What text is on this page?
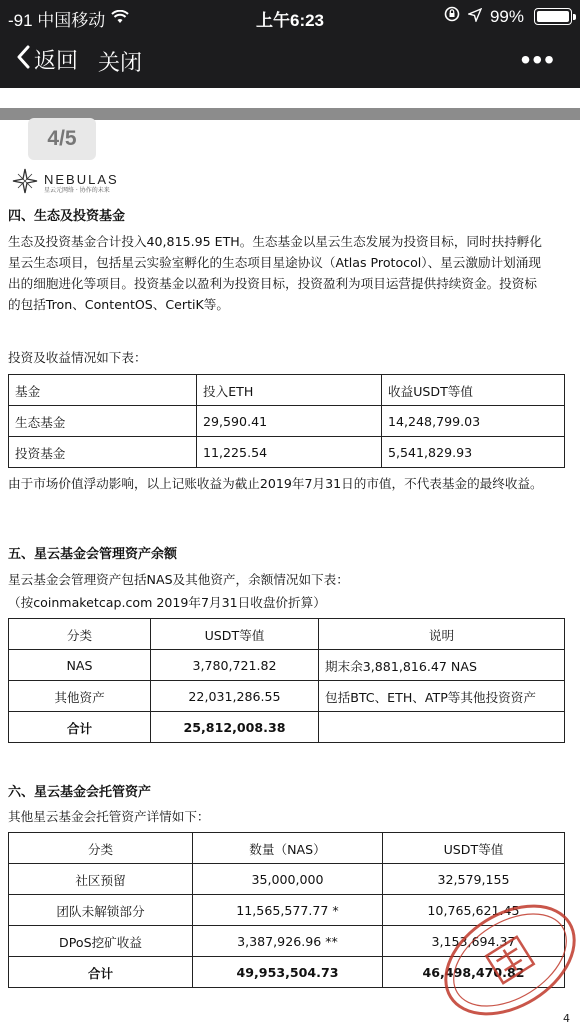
-91 中国移动	上午6:23	99%
返回 关闭	•••
4/5
NEBULAS
星云元网络 · 协作的未来
四、生态及投资基金
生态及投资基金合计投入40,815.95 ETH。生态基金以星云生态发展为投资目标，同时扶持孵化
星云生态项目，包括星云实验室孵化的生态项目星途协议（Atlas Protocol）、星云激励计划涌现
出的细胞进化等项目。投资基金以盈利为投资目标，投资盈利为项目运营提供持续资金。投资标
的包括Tron、ContentOS、CertiK等。
投资及收益情况如下表：
基金	投入ETH	收益USDT等值
生态基金	29,590.41	14,248,799.03
投资基金	11,225.54	5,541,829.93
由于市场价值浮动影响，以上记账收益为截止2019年7月31日的市值，不代表基金的最终收益。
五、星云基金会管理资产余额
星云基金会管理资产包括NAS及其他资产，余额情况如下表：
（按coinmaketcap.com 2019年7月31日收盘价折算）
分类	USDT等值	说明
NAS	3,780,721.82	期末余3,881,816.47 NAS
其他资产	22,031,286.55	包括BTC、ETH、ATP等其他投资资产
合计	25,812,008.38	
六、星云基金会托管资产
其他星云基金会托管资产详情如下：
分类	数量（NAS）	USDT等值
社区预留	35,000,000	32,579,155
团队未解锁部分	11,565,577.77 *	10,765,621.45
DPoS挖矿收益	3,387,926.96 **	3,153,694.37
合计	49,953,504.73	46,498,470.82
4
